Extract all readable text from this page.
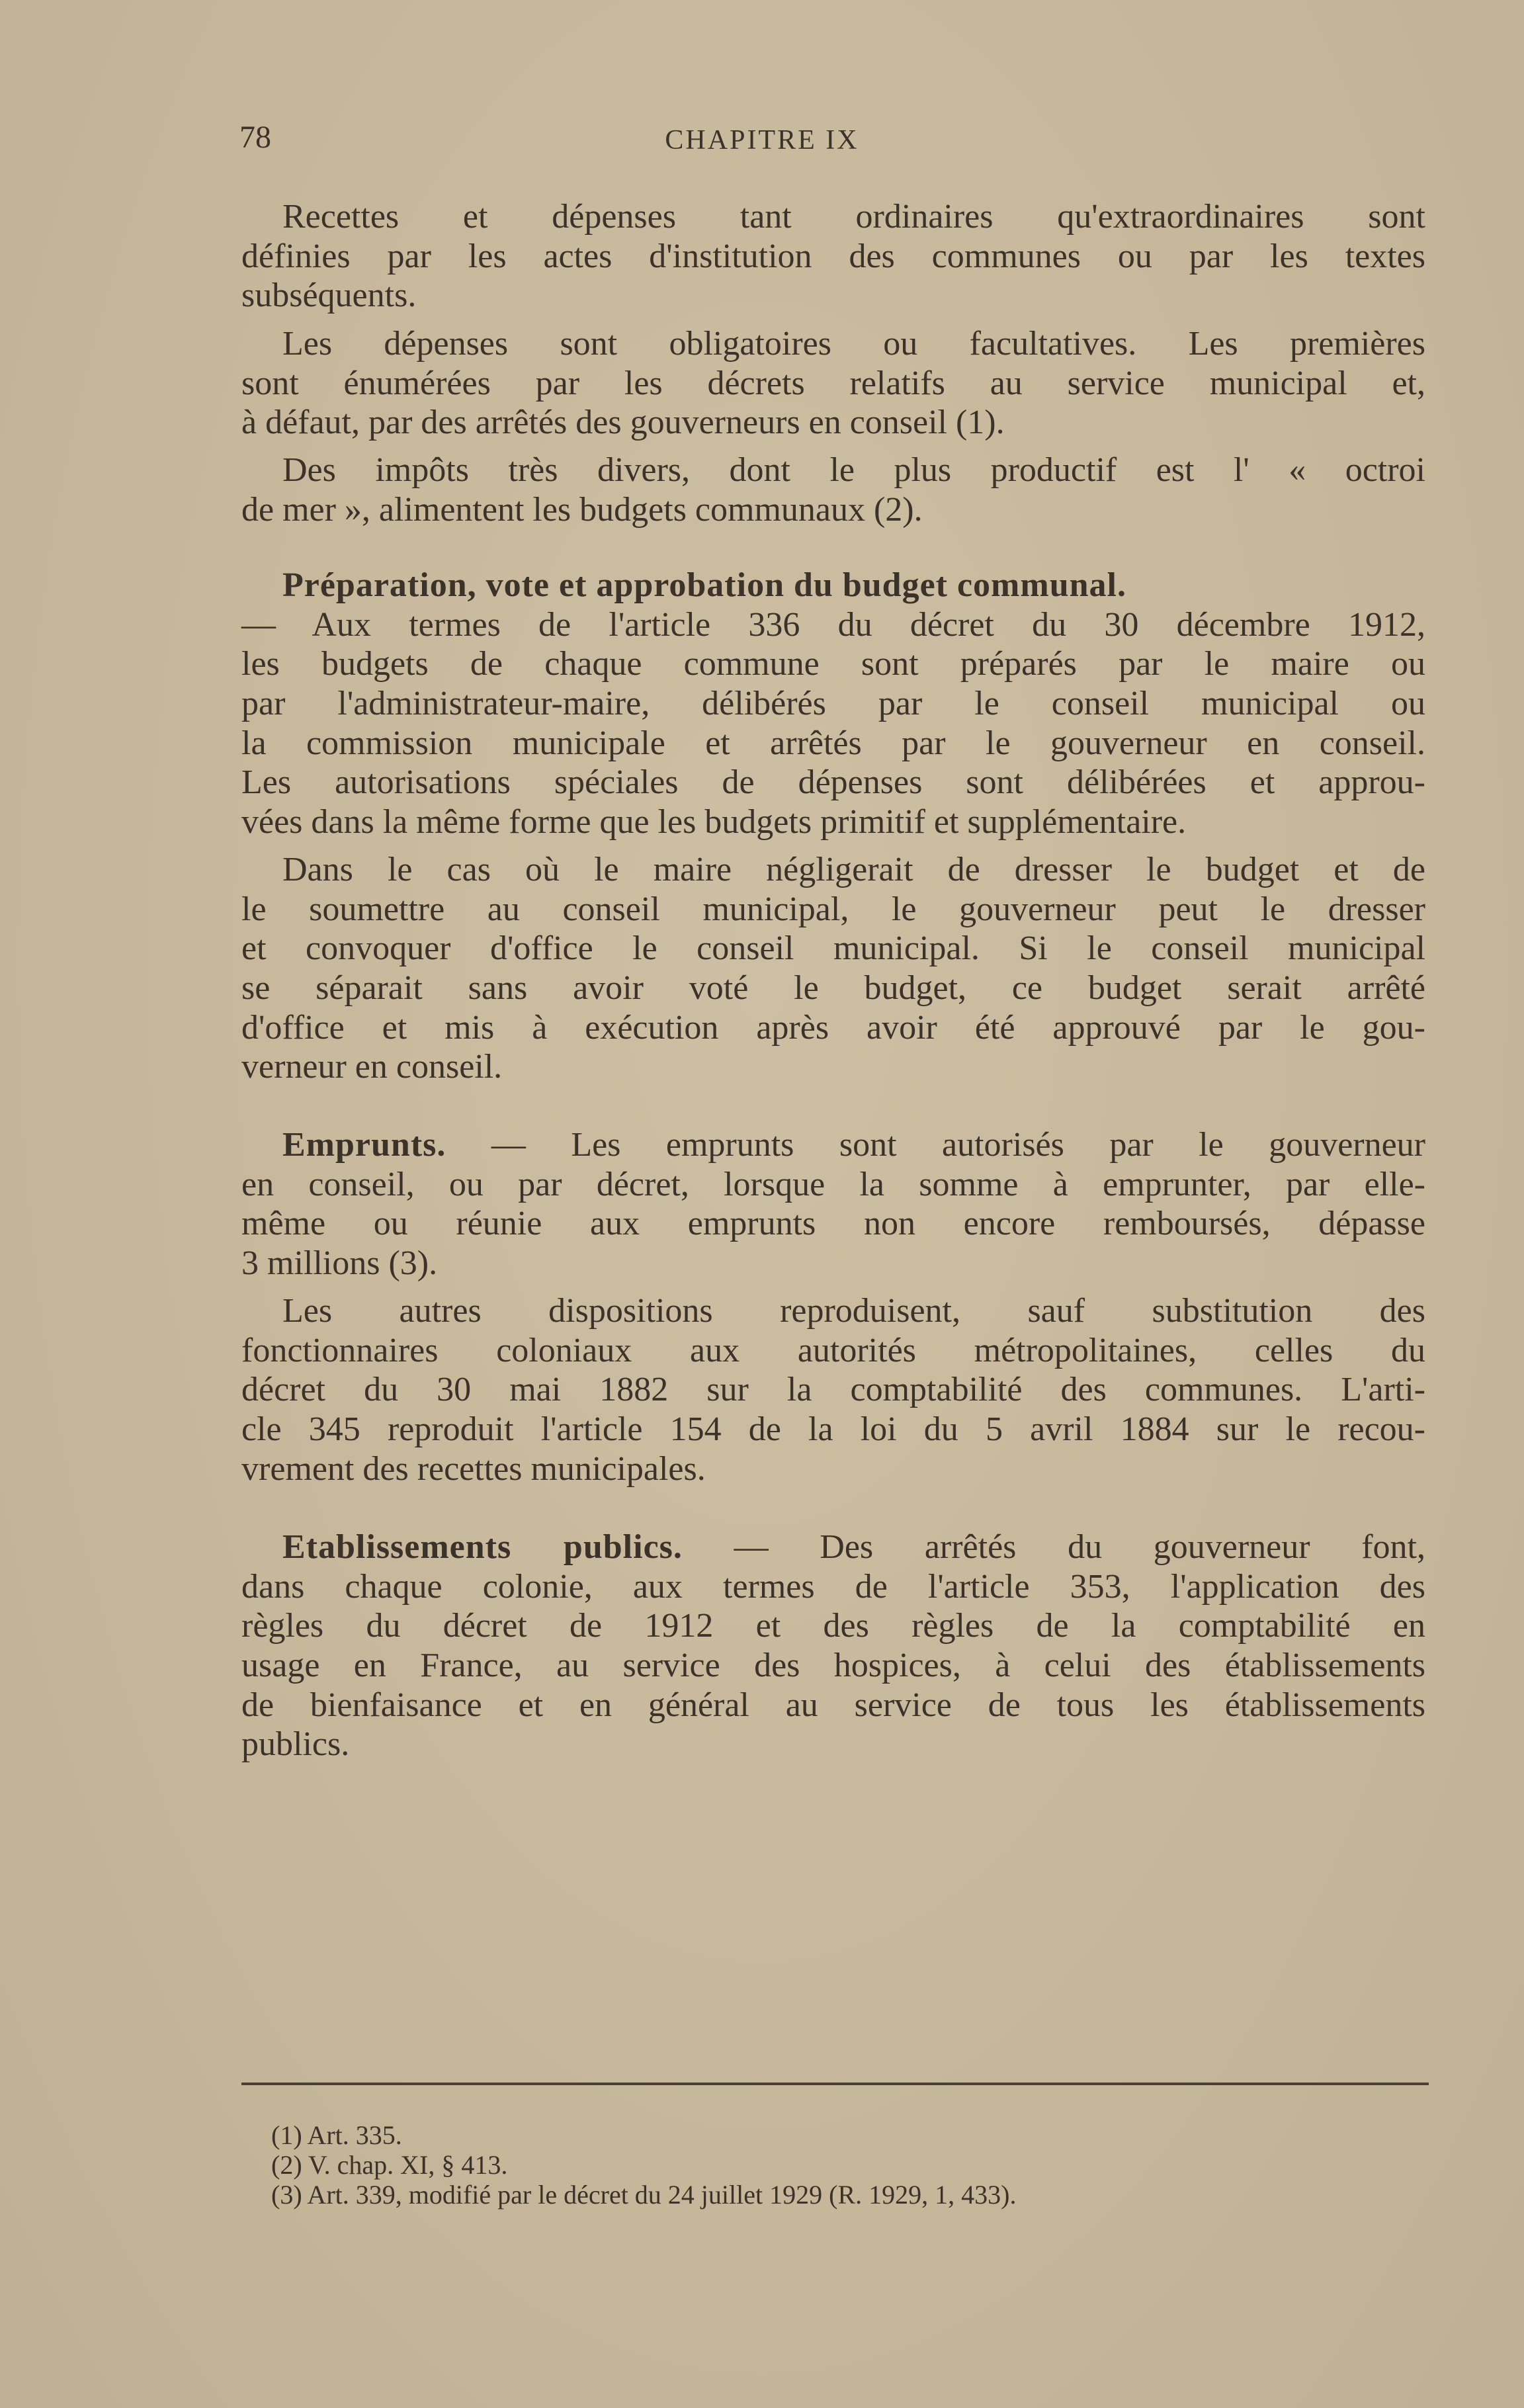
78	CHAPITRE IX
Recettes et dépenses tant ordinaires qu'extraordinaires sont
définies par les actes d'institution des communes ou par les textes
subséquents.
Les dépenses sont obligatoires ou facultatives. Les premières
sont énumérées par les décrets relatifs au service municipal et,
à défaut, par des arrêtés des gouverneurs en conseil (1).
Des impôts très divers, dont le plus productif est l' « octroi
de mer », alimentent les budgets communaux (2).
Préparation, vote et approbation du budget communal.
— Aux termes de l'article 336 du décret du 30 décembre 1912,
les budgets de chaque commune sont préparés par le maire ou
par l'administrateur-maire, délibérés par le conseil municipal ou
la commission municipale et arrêtés par le gouverneur en conseil.
Les autorisations spéciales de dépenses sont délibérées et approu-
vées dans la même forme que les budgets primitif et supplémentaire.
Dans le cas où le maire négligerait de dresser le budget et de
le soumettre au conseil municipal, le gouverneur peut le dresser
et convoquer d'office le conseil municipal. Si le conseil municipal
se séparait sans avoir voté le budget, ce budget serait arrêté
d'office et mis à exécution après avoir été approuvé par le gou-
verneur en conseil.
Emprunts. — Les emprunts sont autorisés par le gouverneur
en conseil, ou par décret, lorsque la somme à emprunter, par elle-
même ou réunie aux emprunts non encore remboursés, dépasse
3 millions (3).
Les autres dispositions reproduisent, sauf substitution des
fonctionnaires coloniaux aux autorités métropolitaines, celles du
décret du 30 mai 1882 sur la comptabilité des communes. L'arti-
cle 345 reproduit l'article 154 de la loi du 5 avril 1884 sur le recou-
vrement des recettes municipales.
Etablissements publics. — Des arrêtés du gouverneur font,
dans chaque colonie, aux termes de l'article 353, l'application des
règles du décret de 1912 et des règles de la comptabilité en
usage en France, au service des hospices, à celui des établissements
de bienfaisance et en général au service de tous les établissements
publics.
(1) Art. 335.
(2) V. chap. XI, § 413.
(3) Art. 339, modifié par le décret du 24 juillet 1929 (R. 1929, 1, 433).
